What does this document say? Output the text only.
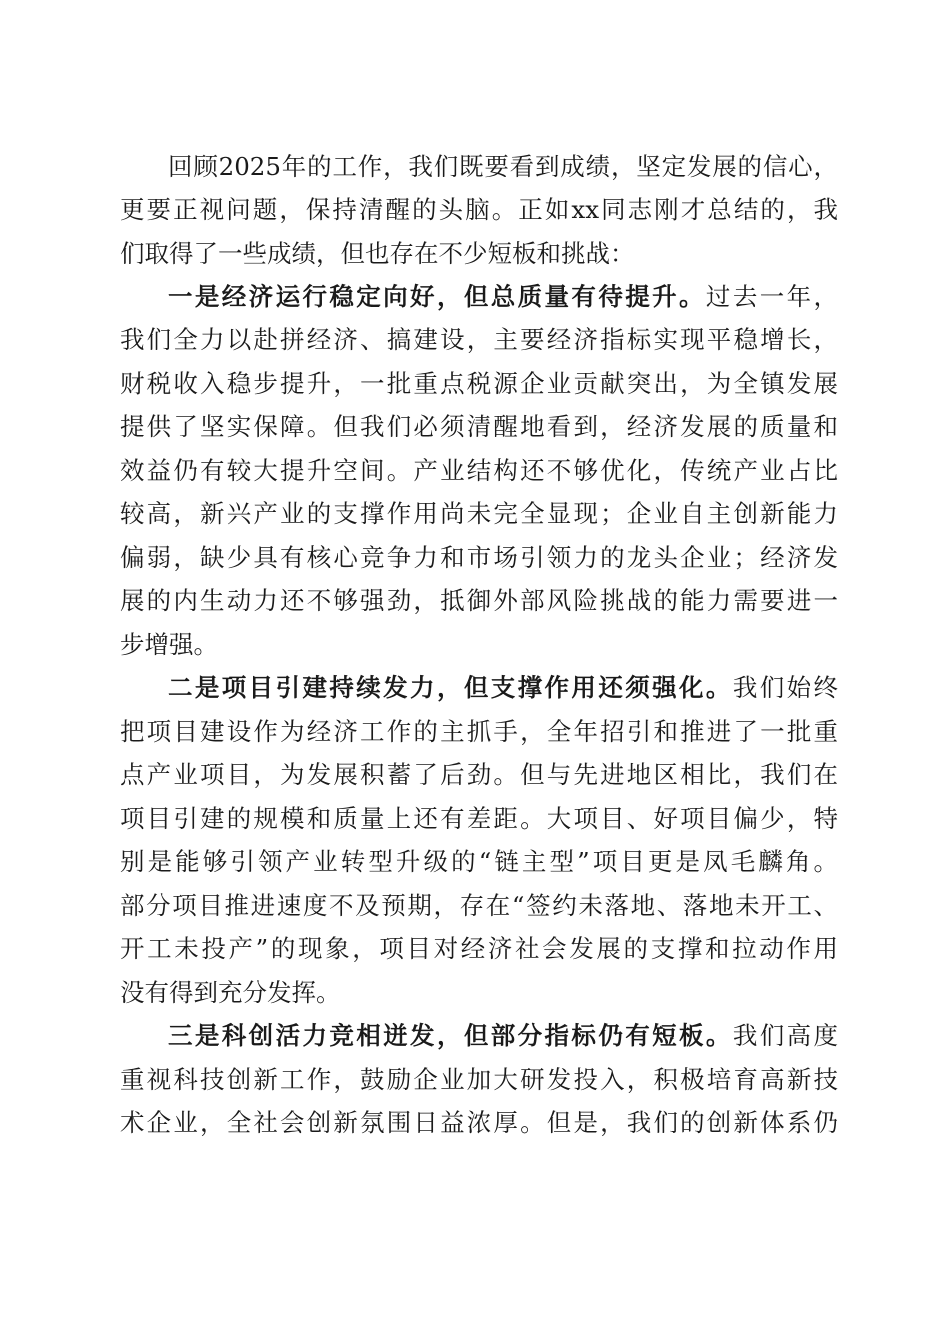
回顾2025年的工作，我们既要看到成绩，坚定发展的信心，
更要正视问题，保持清醒的头脑。正如xx同志刚才总结的，我
们取得了一些成绩，但也存在不少短板和挑战：
一是经济运行稳定向好，但总质量有待提升。过去一年，
我们全力以赴拼经济、搞建设，主要经济指标实现平稳增长，
财税收入稳步提升，一批重点税源企业贡献突出，为全镇发展
提供了坚实保障。但我们必须清醒地看到，经济发展的质量和
效益仍有较大提升空间。产业结构还不够优化，传统产业占比
较高，新兴产业的支撑作用尚未完全显现；企业自主创新能力
偏弱，缺少具有核心竞争力和市场引领力的龙头企业；经济发
展的内生动力还不够强劲，抵御外部风险挑战的能力需要进一
步增强。
二是项目引建持续发力，但支撑作用还须强化。我们始终
把项目建设作为经济工作的主抓手，全年招引和推进了一批重
点产业项目，为发展积蓄了后劲。但与先进地区相比，我们在
项目引建的规模和质量上还有差距。大项目、好项目偏少，特
别是能够引领产业转型升级的“链主型”项目更是凤毛麟角。
部分项目推进速度不及预期，存在“签约未落地、落地未开工、
开工未投产”的现象，项目对经济社会发展的支撑和拉动作用
没有得到充分发挥。
三是科创活力竞相迸发，但部分指标仍有短板。我们高度
重视科技创新工作，鼓励企业加大研发投入，积极培育高新技
术企业，全社会创新氛围日益浓厚。但是，我们的创新体系仍
